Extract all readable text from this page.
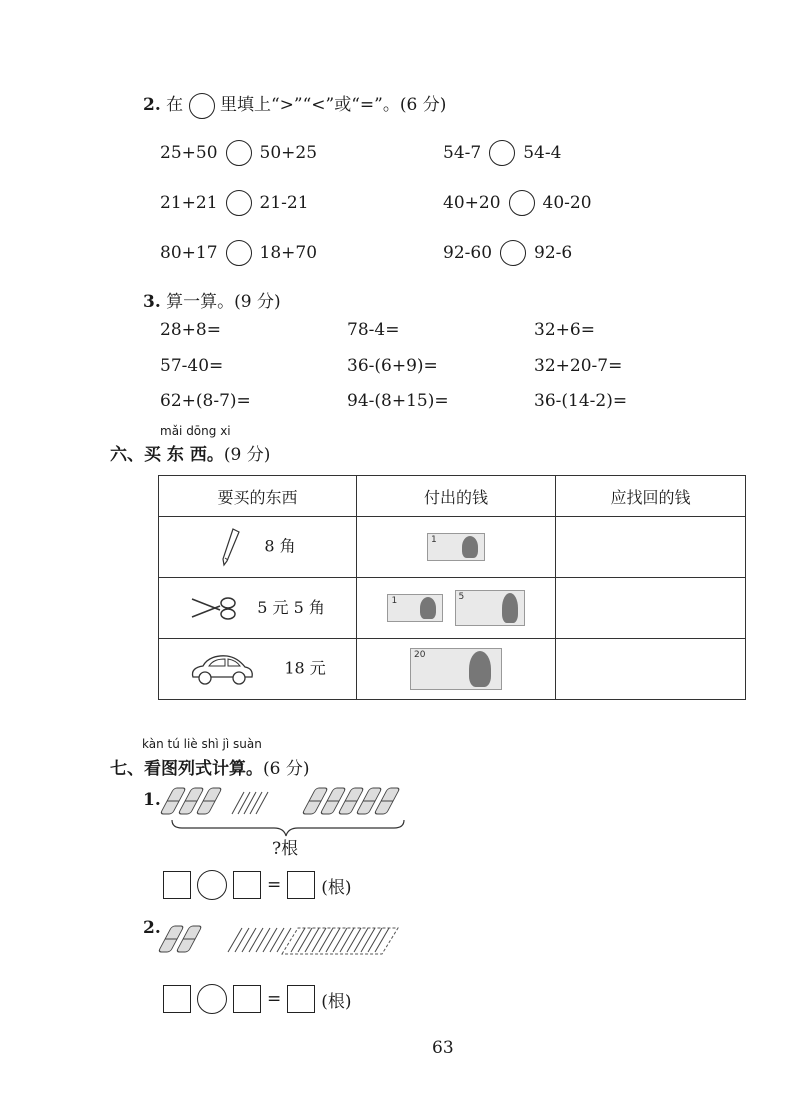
2. 在 里填上“>”“<”或“=”。(6 分)
25+50 50+25	54-7 54-4
21+21 21-21	40+20 40-20
80+17 18+70	92-60 92-6
3. 算一算。(9 分)
28+8=	78-4=	32+6=
57-40=	36-(6+9)=	32+20-7=
62+(8-7)=	94-(8+15)=	36-(14-2)=
mǎi dōng xi
六、买 东 西。(9 分)
要买的东西	付出的钱	应找回的钱
8 角	1	

5 元 5 角	1
5	

18 元	20	

kàn tú liè shì jì suàn
七、看图列式计算。(6 分)
1.
?根
= (根)
2.
= (根)
63
